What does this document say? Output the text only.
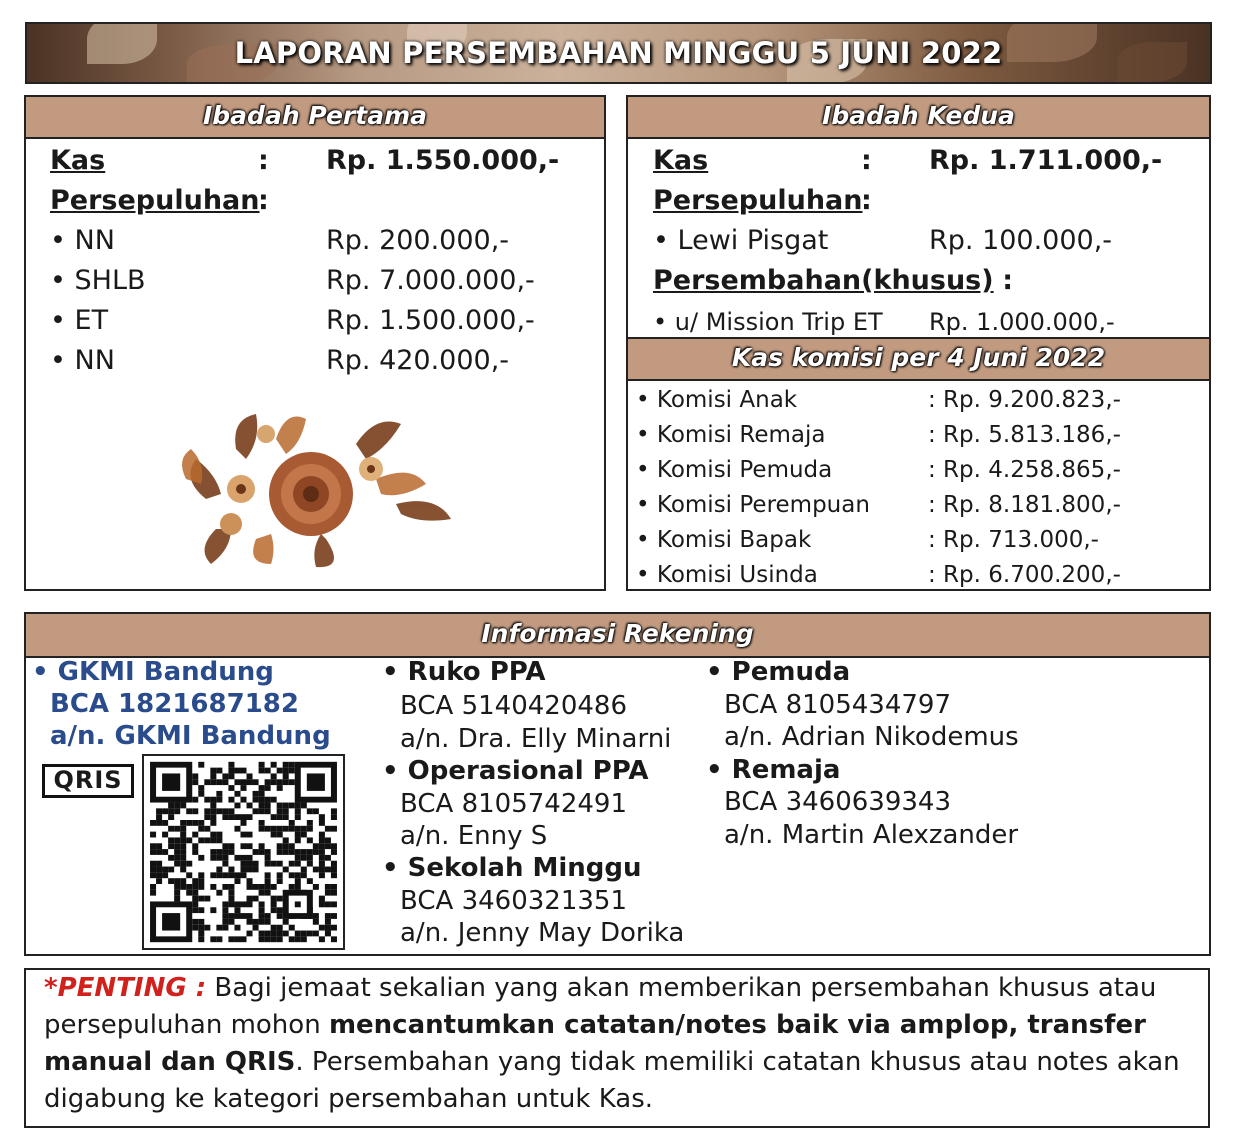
LAPORAN PERSEMBAHAN MINGGU 5 JUNI 2022
Ibadah Pertama
Kas	: Rp. 1.550.000,-
Persepuluhan
:
• NN	Rp. 200.000,-
• SHLB	Rp. 7.000.000,-
• ET	Rp. 1.500.000,-
• NN	Rp. 420.000,-
Ibadah Kedua
Kas	: Rp. 1.711.000,-
Persepuluhan
:
• Lewi Pisgat	Rp. 100.000,-
Persembahan(khusus) :
• u/ Mission Trip ET Rp. 1.000.000,-
Kas komisi per 4 Juni 2022
• Komisi Anak	: Rp. 9.200.823,-
• Komisi Remaja	: Rp. 5.813.186,-
• Komisi Pemuda	: Rp. 4.258.865,-
• Komisi Perempuan	: Rp. 8.181.800,-
• Komisi Bapak	: Rp. 713.000,-
• Komisi Usinda	: Rp. 6.700.200,-
Informasi Rekening
• GKMI Bandung
BCA 1821687182
a/n. GKMI Bandung
QRIS
• Ruko PPA
BCA 5140420486
a/n. Dra. Elly Minarni
• Operasional PPA
BCA 8105742491
a/n. Enny S
• Sekolah Minggu
BCA 3460321351
a/n. Jenny May Dorika
• Pemuda
BCA 8105434797
a/n. Adrian Nikodemus
• Remaja
BCA 3460639343
a/n. Martin Alexzander
*PENTING : Bagi jemaat sekalian yang akan memberikan persembahan khusus atau persepuluhan mohon mencantumkan catatan/notes baik via amplop, transfer manual dan QRIS. Persembahan yang tidak memiliki catatan khusus atau notes akan digabung ke kategori persembahan untuk Kas.
